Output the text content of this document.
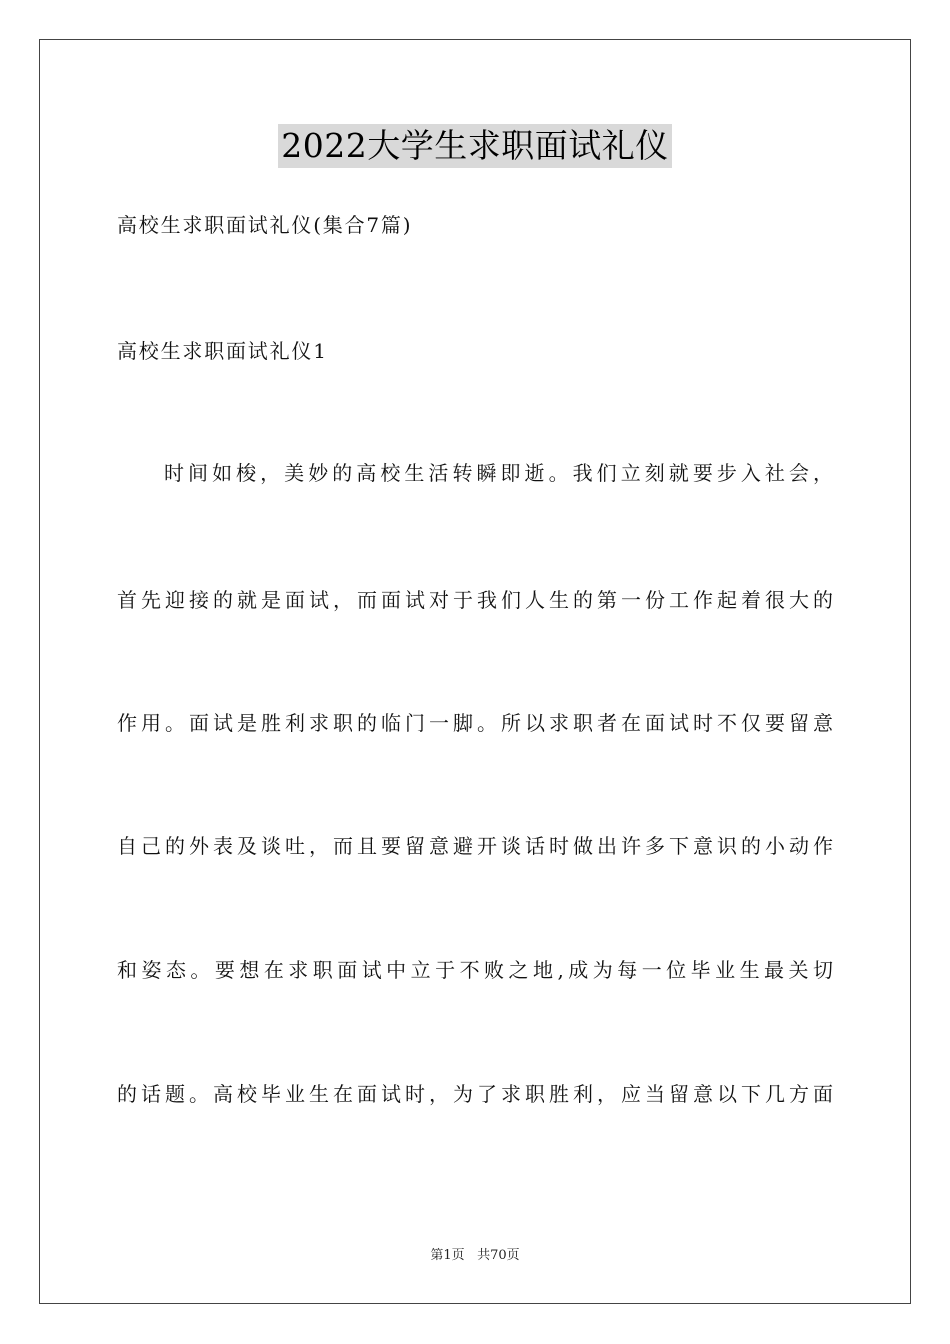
2022大学生求职面试礼仪
高校生求职面试礼仪(集合7篇)
高校生求职面试礼仪1
时间如梭，美妙的高校生活转瞬即逝。我们立刻就要步入社会，
首先迎接的就是面试，而面试对于我们人生的第一份工作起着很大的
作用。面试是胜利求职的临门一脚。所以求职者在面试时不仅要留意
自己的外表及谈吐，而且要留意避开谈话时做出许多下意识的小动作
和姿态。要想在求职面试中立于不败之地,成为每一位毕业生最关切
的话题。高校毕业生在面试时，为了求职胜利，应当留意以下几方面
第1页 共70页
